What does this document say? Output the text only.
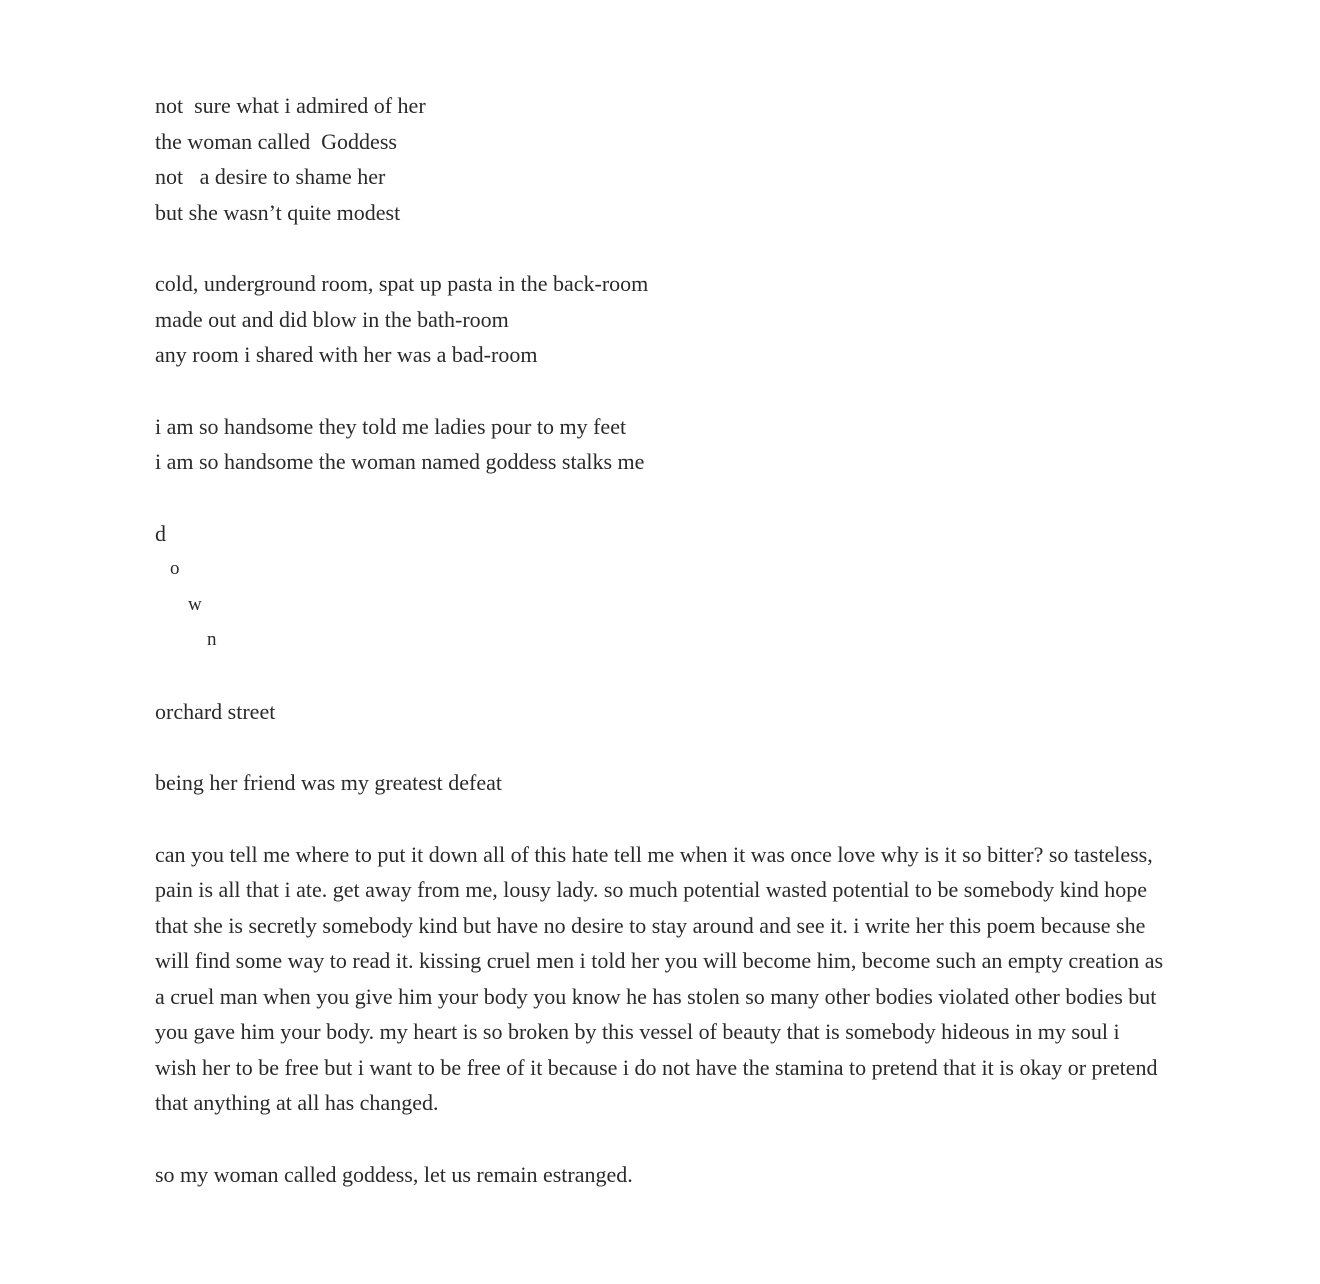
not  sure what i admired of her
the woman called  Goddess
not   a desire to shame her
but she wasn’t quite modest
cold, underground room, spat up pasta in the back-room
made out and did blow in the bath-room
any room i shared with her was a bad-room
i am so handsome they told me ladies pour to my feet
i am so handsome the woman named goddess stalks me
d
o
w
n
orchard street
being her friend was my greatest defeat

can you tell me where to put it down all of this hate tell me when it was once love why is it so bitter? so tasteless, pain is all that i ate. get away from me, lousy lady. so much potential wasted potential to be somebody kind hope that she is secretly somebody kind but have no desire to stay around and see it. i write her this poem because she will find some way to read it. kissing cruel men i told her you will become him, become such an empty creation as a cruel man when you give him your body you know he has stolen so many other bodies violated other bodies but you gave him your body. my heart is so broken by this vessel of beauty that is somebody hideous in my soul i wish her to be free but i want to be free of it because i do not have the stamina to pretend that it is okay or pretend that anything at all has changed.

so my woman called goddess, let us remain estranged.
